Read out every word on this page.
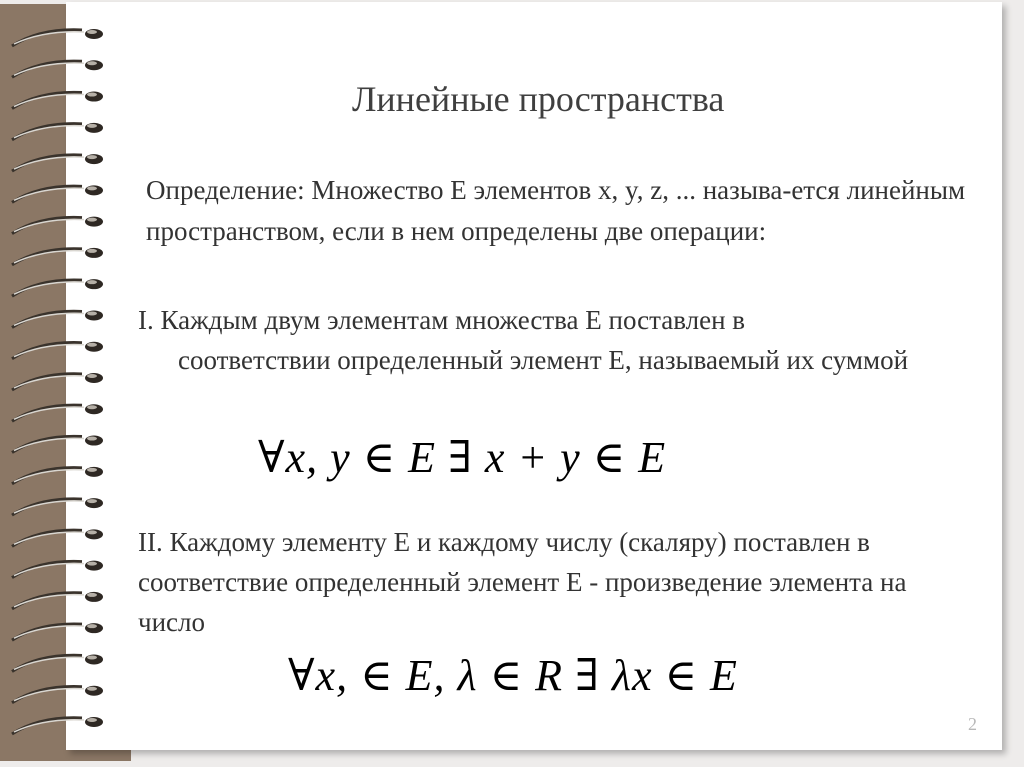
Линейные пространства

Определение: Множество Е элементов x, y, z, ... называ-ется линейным пространством, если в нем определены две операции:

I. Каждым двум элементам множества Е поставлен в
соответствии определенный элемент Е, называемый их суммой

∀x, y ∈ E ∃ x + y ∈ E

II. Каждому элементу Е и каждому числу (скаляру) поставлен в соответствие определенный элемент Е - произведение элемента на число

∀x, ∈ E, λ ∈ R ∃ λx ∈ E
2
